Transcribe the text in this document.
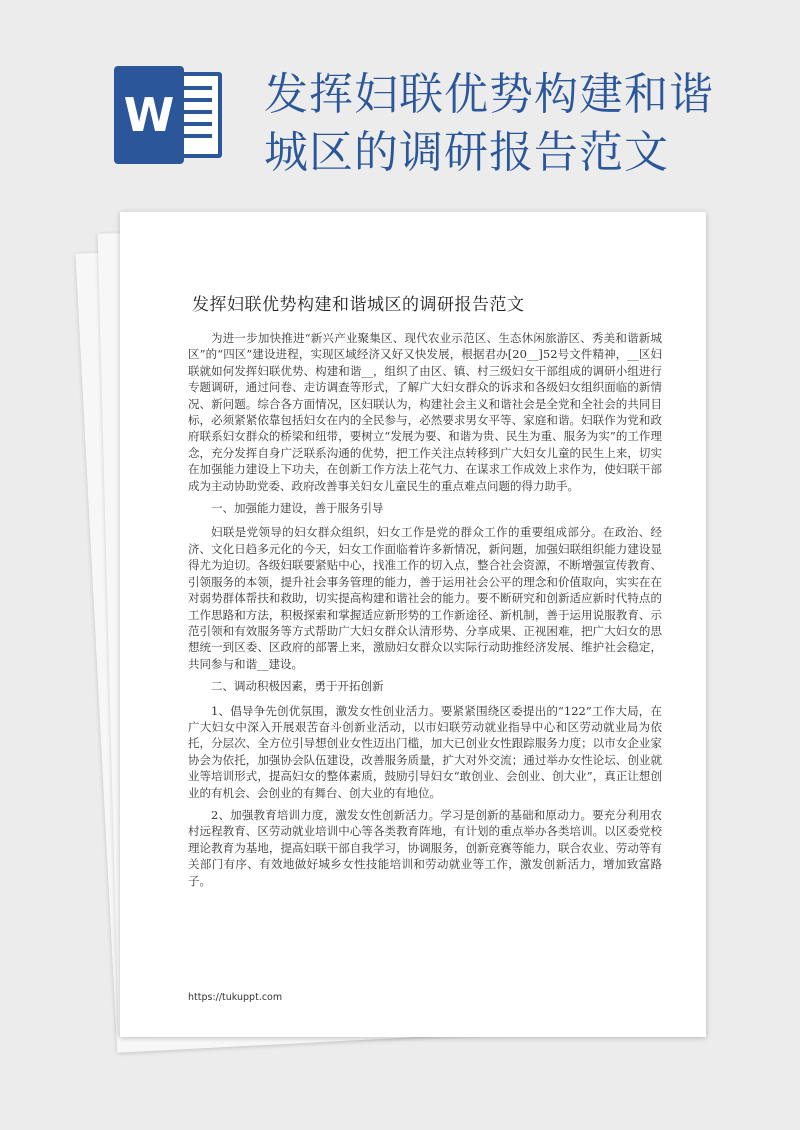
W 发挥妇联优势构建和谐
城区的调研报告范文
发挥妇联优势构建和谐城区的调研报告范文

为进一步加快推进“新兴产业聚集区、现代农业示范区、生态休闲旅游区、秀美和谐新城区”的“四区”建设进程，实现区域经济又好又快发展，根据君办[20__]52号文件精神，__区妇联就如何发挥妇联优势、构建和谐__，组织了由区、镇、村三级妇女干部组成的调研小组进行专题调研，通过问卷、走访调查等形式，了解广大妇女群众的诉求和各级妇女组织面临的新情况、新问题。综合各方面情况，区妇联认为，构建社会主义和谐社会是全党和全社会的共同目标，必须紧紧依靠包括妇女在内的全民参与，必然要求男女平等、家庭和谐。妇联作为党和政府联系妇女群众的桥梁和纽带，要树立“发展为要、和谐为贵、民生为重、服务为实”的工作理念，充分发挥自身广泛联系沟通的优势，把工作关注点转移到广大妇女儿童的民生上来，切实在加强能力建设上下功夫，在创新工作方法上花气力、在谋求工作成效上求作为，使妇联干部成为主动协助党委、政府改善事关妇女儿童民生的重点难点问题的得力助手。

一、加强能力建设，善于服务引导

妇联是党领导的妇女群众组织，妇女工作是党的群众工作的重要组成部分。在政治、经济、文化日趋多元化的今天，妇女工作面临着许多新情况，新问题，加强妇联组织能力建设显得尤为迫切。各级妇联要紧贴中心，找准工作的切入点，整合社会资源，不断增强宣传教育、引领服务的本领，提升社会事务管理的能力，善于运用社会公平的理念和价值取向，实实在在对弱势群体帮扶和救助，切实提高构建和谐社会的能力。要不断研究和创新适应新时代特点的工作思路和方法，积极探索和掌握适应新形势的工作新途径、新机制，善于运用说服教育、示范引领和有效服务等方式帮助广大妇女群众认清形势、分享成果、正视困难，把广大妇女的思想统一到区委、区政府的部署上来，激励妇女群众以实际行动助推经济发展、维护社会稳定，共同参与和谐__建设。

二、调动积极因素，勇于开拓创新

1、倡导争先创优氛围，激发女性创业活力。要紧紧围绕区委提出的“122”工作大局，在广大妇女中深入开展艰苦奋斗创新业活动，以市妇联劳动就业指导中心和区劳动就业局为依托，分层次、全方位引导想创业女性迈出门槛，加大已创业女性跟踪服务力度；以市女企业家协会为依托，加强协会队伍建设，改善服务质量，扩大对外交流；通过举办女性论坛、创业就业等培训形式，提高妇女的整体素质，鼓励引导妇女“敢创业、会创业、创大业”，真正让想创业的有机会、会创业的有舞台、创大业的有地位。

2、加强教育培训力度，激发女性创新活力。学习是创新的基础和原动力。要充分利用农村远程教育、区劳动就业培训中心等各类教育阵地，有计划的重点举办各类培训。以区委党校理论教育为基地，提高妇联干部自我学习，协调服务，创新竞赛等能力，联合农业、劳动等有关部门有序、有效地做好城乡女性技能培训和劳动就业等工作，激发创新活力，增加致富路子。

https://tukuppt.com
